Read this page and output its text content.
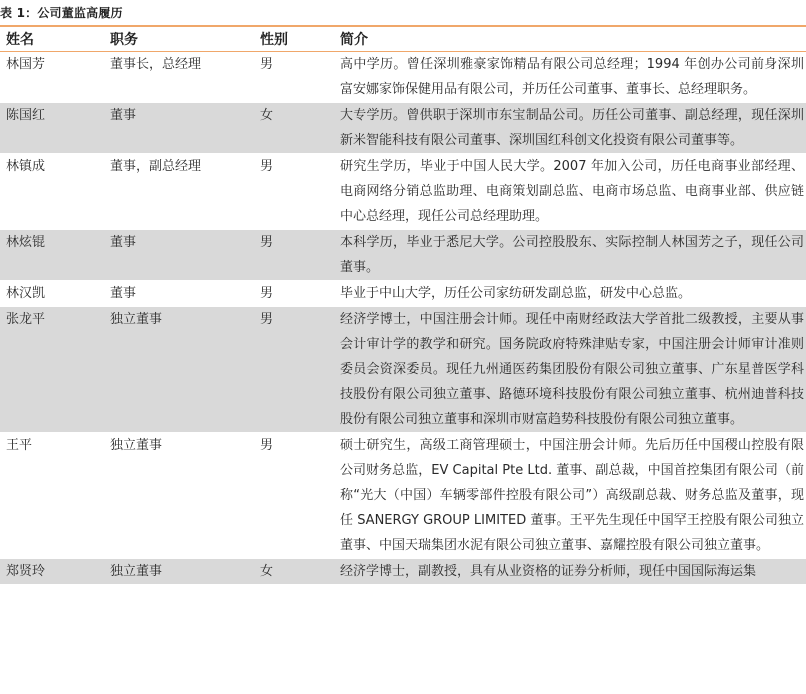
表 1：公司董监高履历
姓名	职务	性别	简介
林国芳	董事长，总经理	男	高中学历。曾任深圳雅豪家饰精品有限公司总经理；1994 年创办公司前身深圳富安娜家饰保健用品有限公司，并历任公司董事、董事长、总经理职务。
陈国红	董事	女	大专学历。曾供职于深圳市东宝制品公司。历任公司董事、副总经理，现任深圳新米智能科技有限公司董事、深圳国红科创文化投资有限公司董事等。
林镇成	董事，副总经理	男	研究生学历，毕业于中国人民大学。2007 年加入公司，历任电商事业部经理、电商网络分销总监助理、电商策划副总监、电商市场总监、电商事业部、供应链中心总经理，现任公司总经理助理。
林炫锟	董事	男	本科学历，毕业于悉尼大学。公司控股股东、实际控制人林国芳之子，现任公司董事。
林汉凯	董事	男	毕业于中山大学，历任公司家纺研发副总监，研发中心总监。
张龙平	独立董事	男	经济学博士，中国注册会计师。现任中南财经政法大学首批二级教授，主要从事会计审计学的教学和研究。国务院政府特殊津贴专家，中国注册会计师审计准则委员会资深委员。现任九州通医药集团股份有限公司独立董事、广东星普医学科技股份有限公司独立董事、路德环境科技股份有限公司独立董事、杭州迪普科技股份有限公司独立董事和深圳市财富趋势科技股份有限公司独立董事。
王平	独立董事	男	硕士研究生，高级工商管理硕士，中国注册会计师。先后历任中国稷山控股有限公司财务总监，EV Capital Pte Ltd. 董事、副总裁，中国首控集团有限公司（前称“光大（中国）车辆零部件控股有限公司”）高级副总裁、财务总监及董事，现任 SANERGY GROUP LIMITED 董事。王平先生现任中国罕王控股有限公司独立董事、中国天瑞集团水泥有限公司独立董事、嘉耀控股有限公司独立董事。
郑贤玲	独立董事	女	经济学博士，副教授，具有从业资格的证券分析师，现任中国国际海运集
